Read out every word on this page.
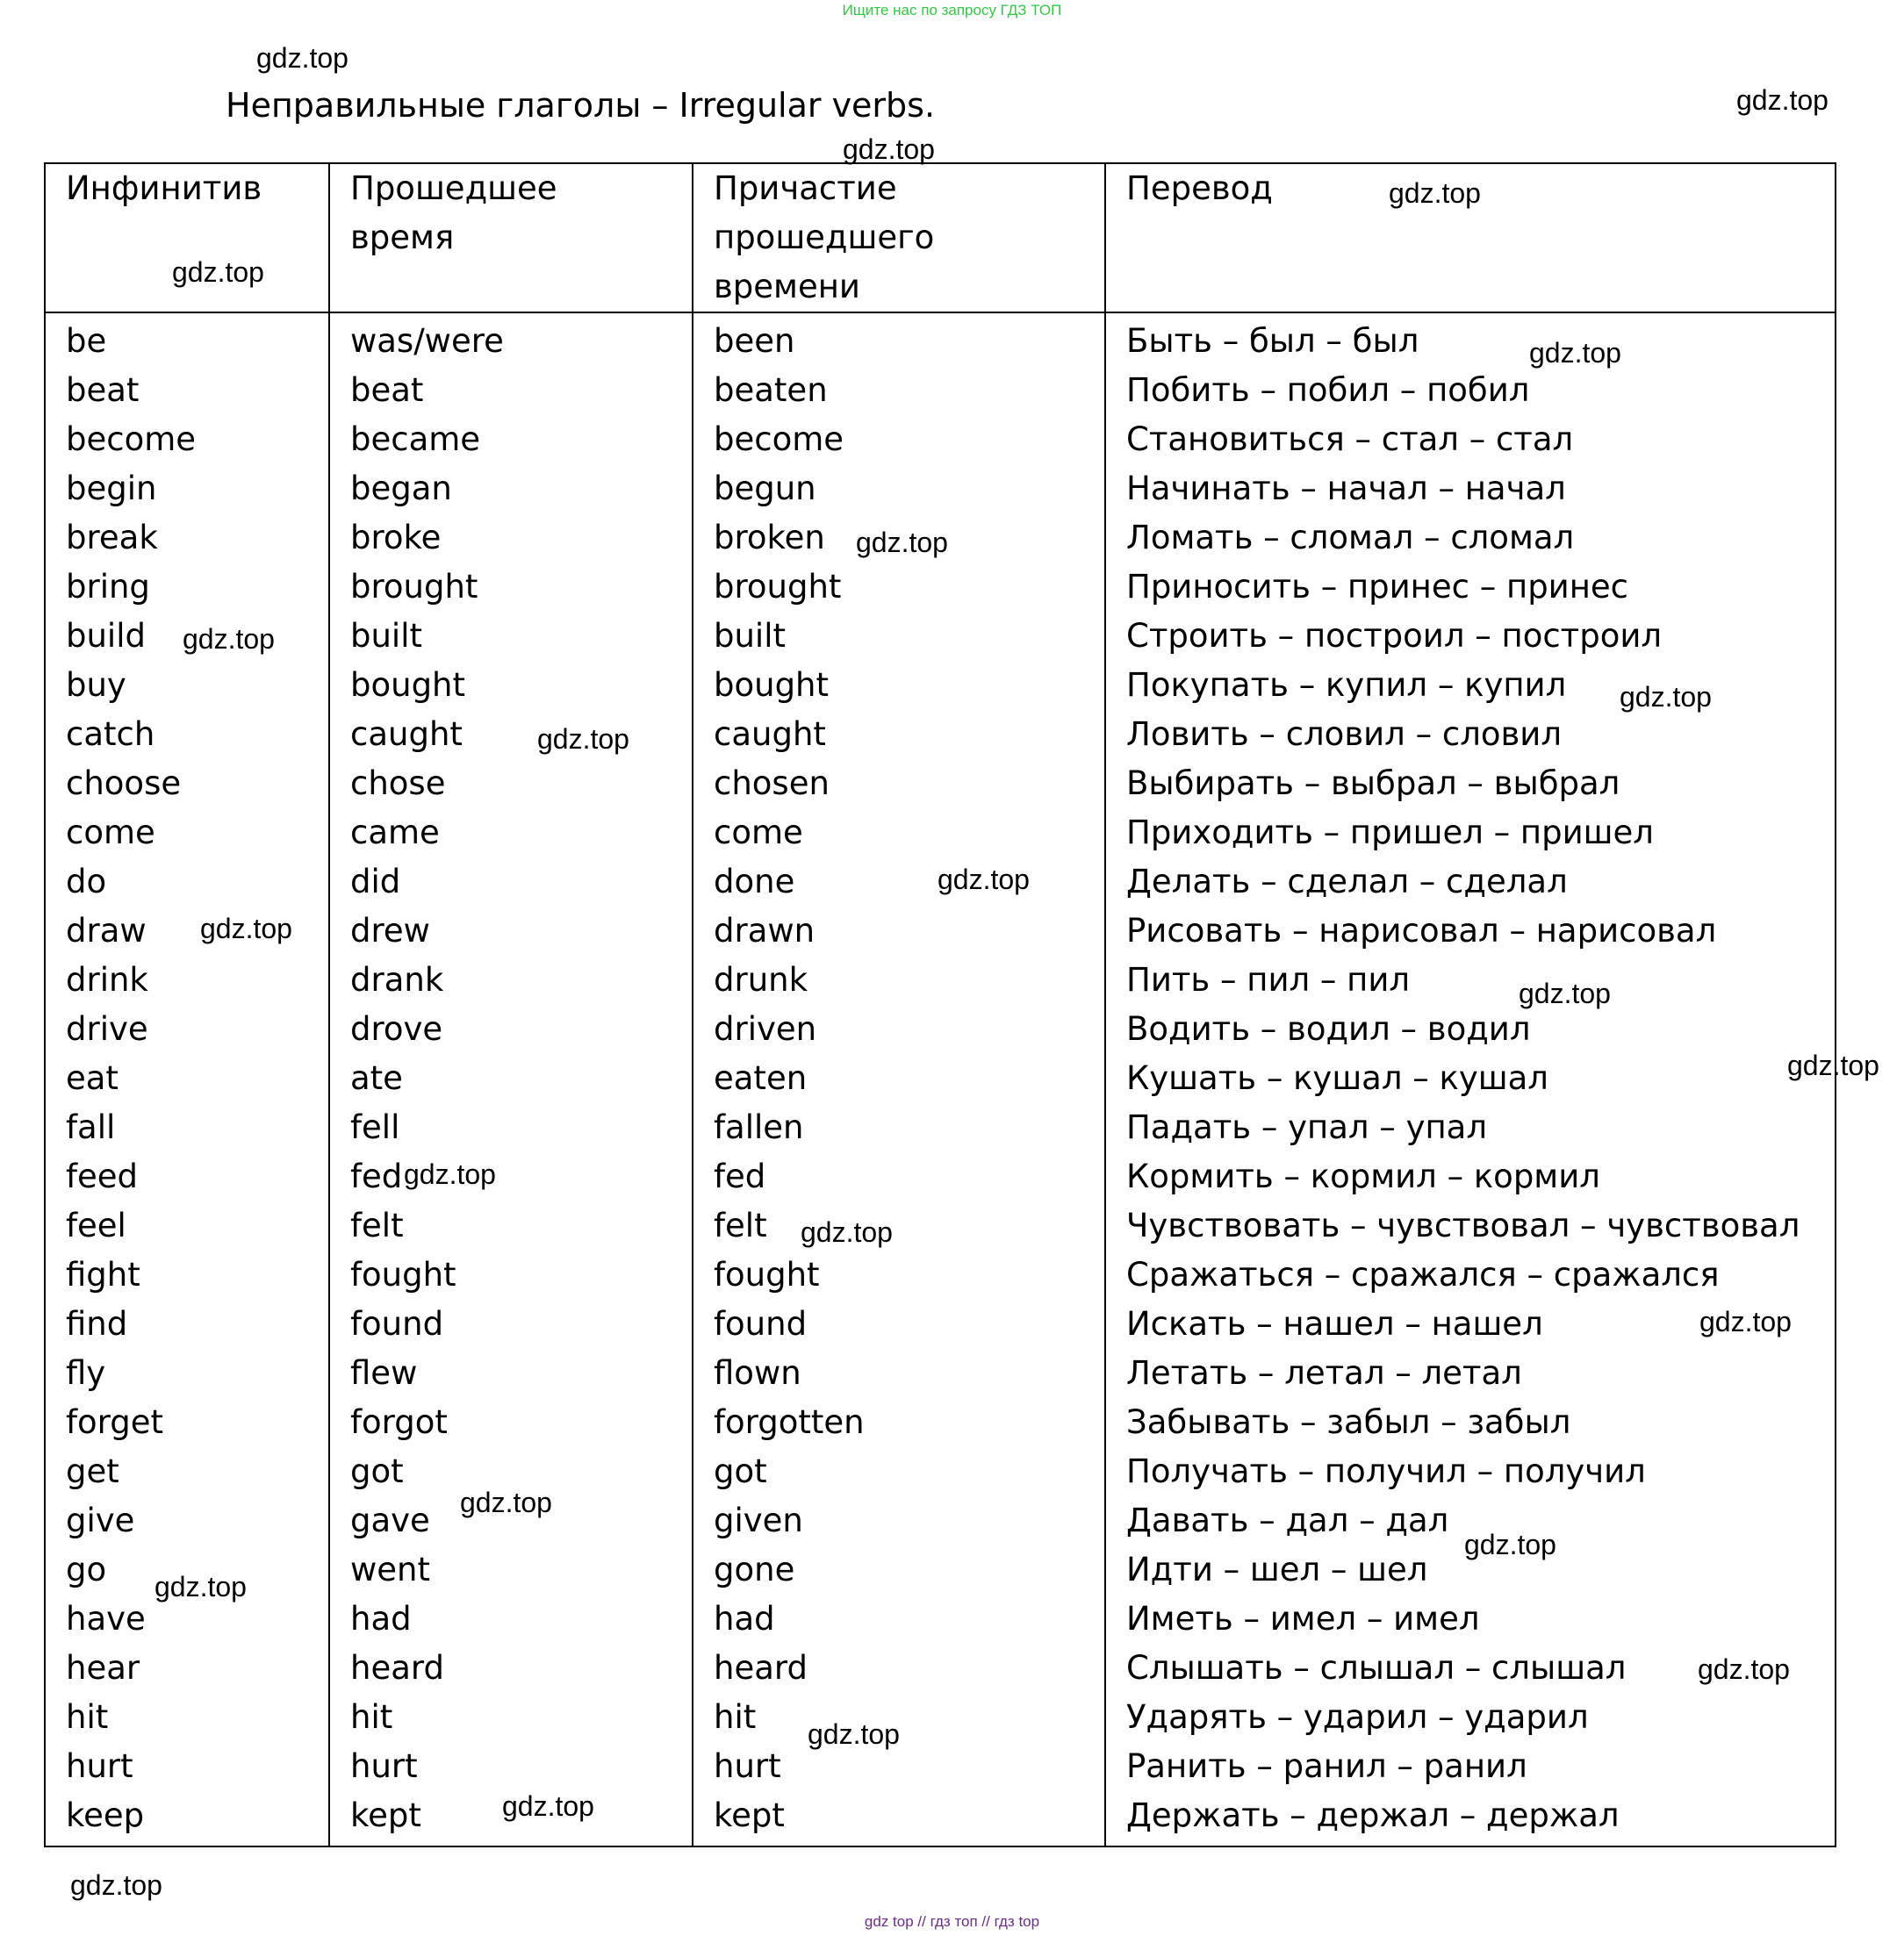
Ищите нас по запросу ГДЗ ТОП
Неправильные глаголы – Irregular verbs.
Инфинитив	Прошедшее время	Причастие прошедшего времени	Перевод
be	was/were	been	Быть – был – был
beat	beat	beaten	Побить – побил – побил
become	became	become	Становиться – стал – стал
begin	began	begun	Начинать – начал – начал
break	broke	broken	Ломать – сломал – сломал
bring	brought	brought	Приносить – принес – принес
build	built	built	Строить – построил – построил
buy	bought	bought	Покупать – купил – купил
catch	caught	caught	Ловить – словил – словил
choose	chose	chosen	Выбирать – выбрал – выбрал
come	came	come	Приходить – пришел – пришел
do	did	done	Делать – сделал – сделал
draw	drew	drawn	Рисовать – нарисовал – нарисовал
drink	drank	drunk	Пить – пил – пил
drive	drove	driven	Водить – водил – водил
eat	ate	eaten	Кушать – кушал – кушал
fall	fell	fallen	Падать – упал – упал
feed	fed	fed	Кормить – кормил – кормил
feel	felt	felt	Чувствовать – чувствовал – чувствовал
fight	fought	fought	Сражаться – сражался – сражался
find	found	found	Искать – нашел – нашел
fly	flew	flown	Летать – летал – летал
forget	forgot	forgotten	Забывать – забыл – забыл
get	got	got	Получать – получил – получил
give	gave	given	Давать – дал – дал
go	went	gone	Идти – шел – шел
have	had	had	Иметь – имел – имел
hear	heard	heard	Слышать – слышал – слышал
hit	hit	hit	Ударять – ударил – ударил
hurt	hurt	hurt	Ранить – ранил – ранил
keep	kept	kept	Держать – держал – держал
gdz.top
gdz.top
gdz.top
gdz.top
gdz.top
gdz.top
gdz.top
gdz.top
gdz.top
gdz.top
gdz.top
gdz.top
gdz.top
gdz.top
gdz.top
gdz.top
gdz.top
gdz.top
gdz.top
gdz.top
gdz.top
gdz.top
gdz.top
gdz.top
gdz top // гдз топ // гдз top
